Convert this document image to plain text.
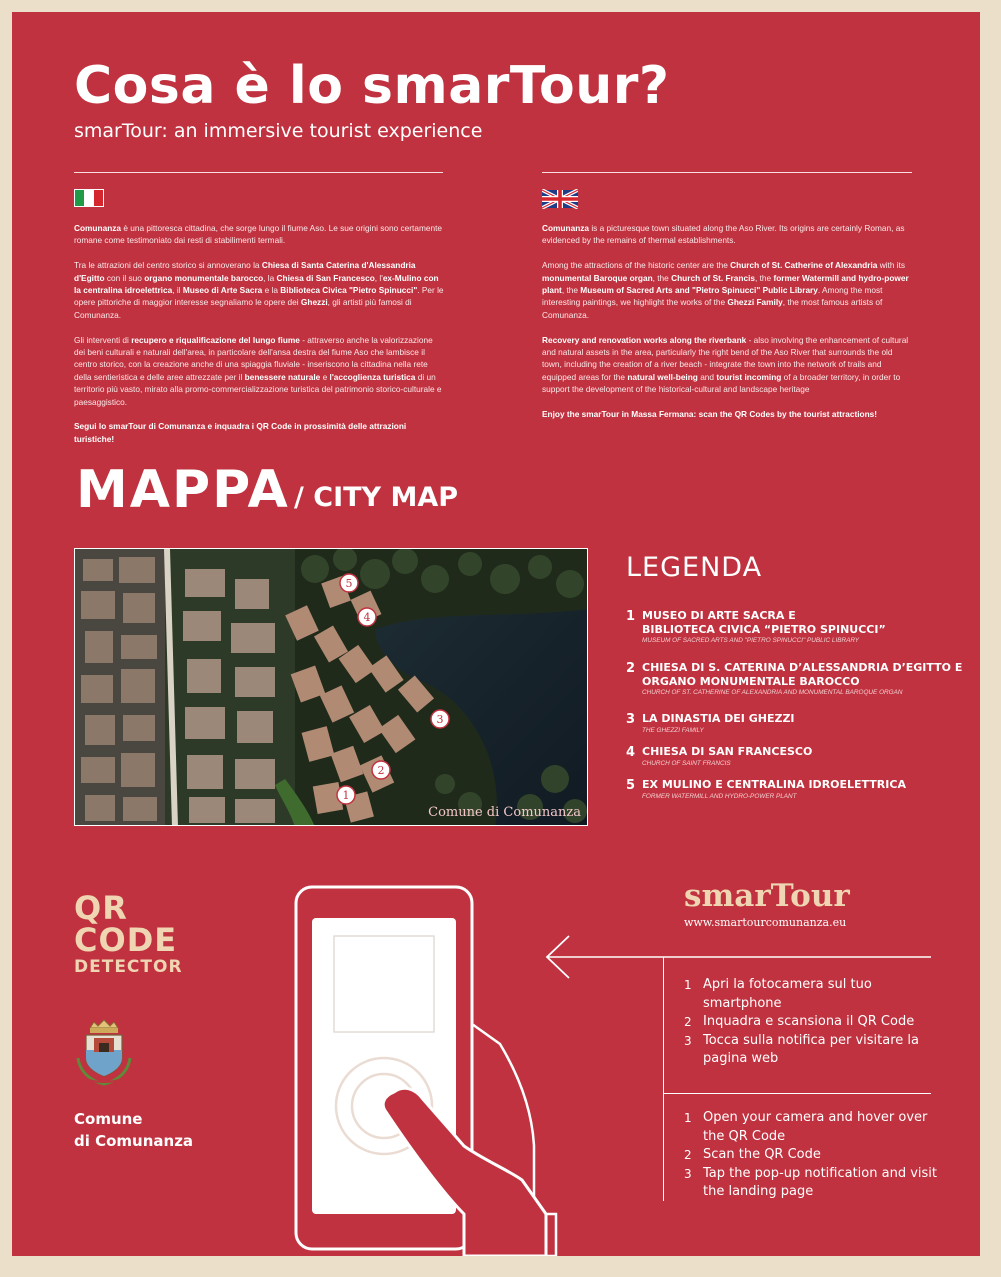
Cosa è lo smarTour?
smarTour: an immersive tourist experience

Comunanza è una pittoresca cittadina, che sorge lungo il fiume Aso. Le sue origini sono certamente romane come testimoniato dai resti di stabilimenti termali.

Tra le attrazioni del centro storico si annoverano la Chiesa di Santa Caterina d'Alessandria d'Egitto con il suo organo monumentale barocco, la Chiesa di San Francesco, l'ex-Mulino con la centralina idroelettrica, il Museo di Arte Sacra e la Biblioteca Civica "Pietro Spinucci". Per le opere pittoriche di maggior interesse segnaliamo le opere dei Ghezzi, gli artisti più famosi di Comunanza.

Gli interventi di recupero e riqualificazione del lungo fiume - attraverso anche la valorizzazione dei beni culturali e naturali dell'area, in particolare dell'ansa destra del fiume Aso che lambisce il centro storico, con la creazione anche di una spiaggia fluviale - inseriscono la cittadina nella rete della sentieristica e delle aree attrezzate per il benessere naturale e l'accoglienza turistica di un territorio più vasto, mirato alla promo-commercializzazione turistica del patrimonio storico-culturale e paesaggistico.

Segui lo smarTour di Comunanza e inquadra i QR Code in prossimità delle attrazioni turistiche!

Comunanza is a picturesque town situated along the Aso River. Its origins are certainly Roman, as evidenced by the remains of thermal establishments.

Among the attractions of the historic center are the Church of St. Catherine of Alexandria with its monumental Baroque organ, the Church of St. Francis, the former Watermill and hydro-power plant, the Museum of Sacred Arts and "Pietro Spinucci" Public Library. Among the most interesting paintings, we highlight the works of the Ghezzi Family, the most famous artists of Comunanza.

Recovery and renovation works along the riverbank - also involving the enhancement of cultural and natural assets in the area, particularly the right bend of the Aso River that surrounds the old town, including the creation of a river beach - integrate the town into the network of trails and equipped areas for the natural well-being and tourist incoming of a broader territory, in order to support the development of the historical-cultural and landscape heritage

Enjoy the smarTour in Massa Fermana: scan the QR Codes by the tourist attractions!

MAPPA / CITY MAP
5
4
3
2
1
Comune di Comunanza
LEGENDA
1 MUSEO DI ARTE SACRA E
BIBLIOTECA CIVICA “PIETRO SPINUCCI”
MUSEUM OF SACRED ARTS AND "PIETRO SPINUCCI" PUBLIC LIBRARY
2 CHIESA DI S. CATERINA D’ALESSANDRIA D’EGITTO E
ORGANO MONUMENTALE BAROCCO
CHURCH OF ST. CATHERINE OF ALEXANDRIA AND MONUMENTAL BAROQUE ORGAN
3 LA DINASTIA DEI GHEZZI
THE GHEZZI FAMILY
4 CHIESA DI SAN FRANCESCO
CHURCH OF SAINT FRANCIS
5 EX MULINO E CENTRALINA IDROELETTRICA
FORMER WATERMILL AND HYDRO-POWER PLANT
QR
CODE
DETECTOR
Comune
di Comunanza
smarTour
www.smartourcomunanza.eu
1 Apri la fotocamera sul tuo smartphone
2 Inquadra e scansiona il QR Code
3 Tocca sulla notifica per visitare la pagina web
1 Open your camera and hover over the QR Code
2 Scan the QR Code
3 Tap the pop-up notification and visit the landing page
